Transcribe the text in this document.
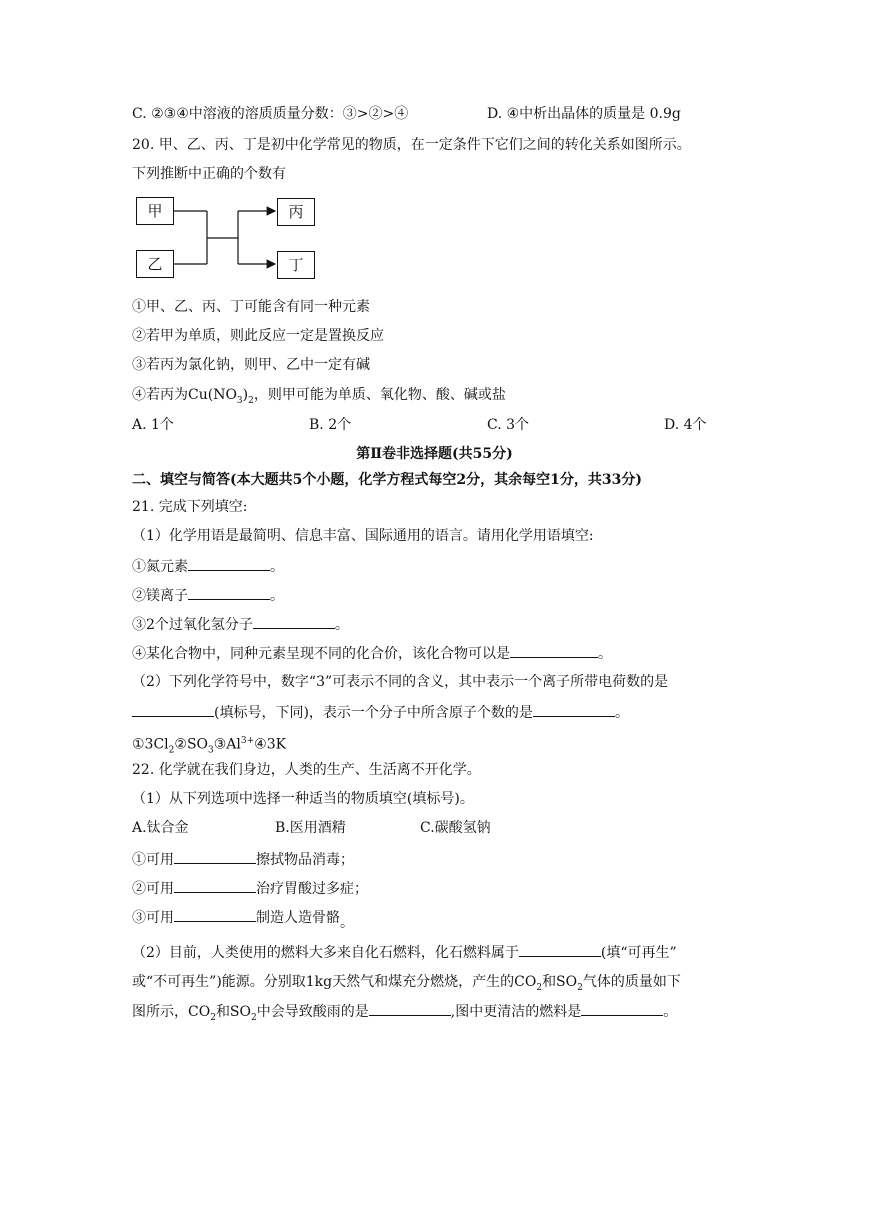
C. ②③④中溶液的溶质质量分数：③>②>④	D. ④中析出晶体的质量是 0.9g
20. 甲、乙、丙、丁是初中化学常见的物质，在一定条件下它们之间的转化关系如图所示。
下列推断中正确的个数有
甲
乙
丙
丁
①甲、乙、丙、丁可能含有同一种元素
②若甲为单质，则此反应一定是置换反应
③若丙为氯化钠，则甲、乙中一定有碱
④若丙为$Cu(NO_3)_2$，则甲可能为单质、氧化物、酸、碱或盐
A. 1个	B. 2个	C. 3个	D. 4个
第Ⅱ卷非选择题(共55分)
二、填空与简答(本大题共5个小题，化学方程式每空2分，其余每空1分，共33分)
21. 完成下列填空:
（1）化学用语是最简明、信息丰富、国际通用的语言。请用化学用语填空:
①氮元素	。
②镁离子	。
③2个过氧化氢分子	。
④某化合物中，同种元素呈现不同的化合价，该化合物可以是	。
（2）下列化学符号中，数字“3”可表示不同的含义，其中表示一个离子所带电荷数的是
(填标号，下同)，表示一个分子中所含原子个数的是	。
$①3Cl_2②SO_3③Al^{3+}④3K$
22. 化学就在我们身边，人类的生产、生活离不开化学。
（1）从下列选项中选择一种适当的物质填空(填标号)。
A.钛合金	B.医用酒精	C.碳酸氢钠
①可用	擦拭物品消毒；
②可用	治疗胃酸过多症；
③可用	制造人造骨骼。
（2）目前，人类使用的燃料大多来自化石燃料，化石燃料属于	(填“可再生”
或“不可再生”)能源。分别取1kg天然气和煤充分燃烧，产生的$CO_2$和$SO_2$气体的质量如下
图所示，$CO_2$和$SO_2$中会导致酸雨的是	,图中更清洁的燃料是	。
